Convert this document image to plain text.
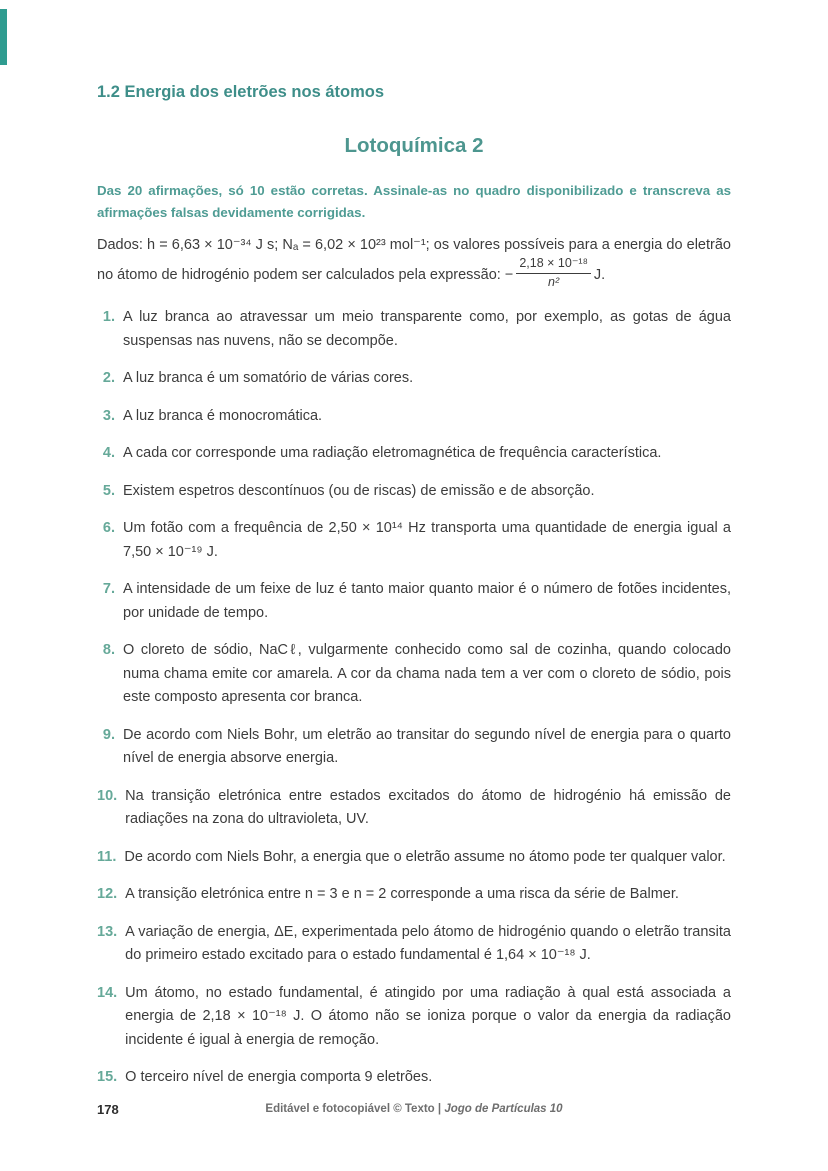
1.2 Energia dos eletrões nos átomos
Lotoquímica 2

Das 20 afirmações, só 10 estão corretas. Assinale-as no quadro disponibilizado e transcreva as afirmações falsas devidamente corrigidas.

Dados: h = 6,63 × 10⁻³⁴ J s; Nₐ = 6,02 × 10²³ mol⁻¹; os valores possíveis para a energia do eletrão no átomo de hidrogénio podem ser calculados pela expressão: − $\frac{\text{2,18 × 10⁻¹⁸}}{\text{n²}} J$.

1. A luz branca ao atravessar um meio transparente como, por exemplo, as gotas de água suspensas nas nuvens, não se decompõe.
2. A luz branca é um somatório de várias cores.
3. A luz branca é monocromática.
4. A cada cor corresponde uma radiação eletromagnética de frequência característica.
5. Existem espetros descontínuos (ou de riscas) de emissão e de absorção.
6. Um fotão com a frequência de 2,50 × 10¹⁴ Hz transporta uma quantidade de energia igual a 7,50 × 10⁻¹⁹ J.
7. A intensidade de um feixe de luz é tanto maior quanto maior é o número de fotões incidentes, por unidade de tempo.
8. O cloreto de sódio, NaCℓ, vulgarmente conhecido como sal de cozinha, quando colocado numa chama emite cor amarela. A cor da chama nada tem a ver com o cloreto de sódio, pois este composto apresenta cor branca.
9. De acordo com Niels Bohr, um eletrão ao transitar do segundo nível de energia para o quarto nível de energia absorve energia.
10. Na transição eletrónica entre estados excitados do átomo de hidrogénio há emissão de radiações na zona do ultravioleta, UV.
11. De acordo com Niels Bohr, a energia que o eletrão assume no átomo pode ter qualquer valor.
12. A transição eletrónica entre n = 3 e n = 2 corresponde a uma risca da série de Balmer.
13. A variação de energia, ΔE, experimentada pelo átomo de hidrogénio quando o eletrão transita do primeiro estado excitado para o estado fundamental é 1,64 × 10⁻¹⁸ J.
14. Um átomo, no estado fundamental, é atingido por uma radiação à qual está associada a energia de 2,18 × 10⁻¹⁸ J. O átomo não se ioniza porque o valor da energia da radiação incidente é igual à energia de remoção.
15. O terceiro nível de energia comporta 9 eletrões.
178	Editável e fotocopiável © Texto | Jogo de Partículas 10
